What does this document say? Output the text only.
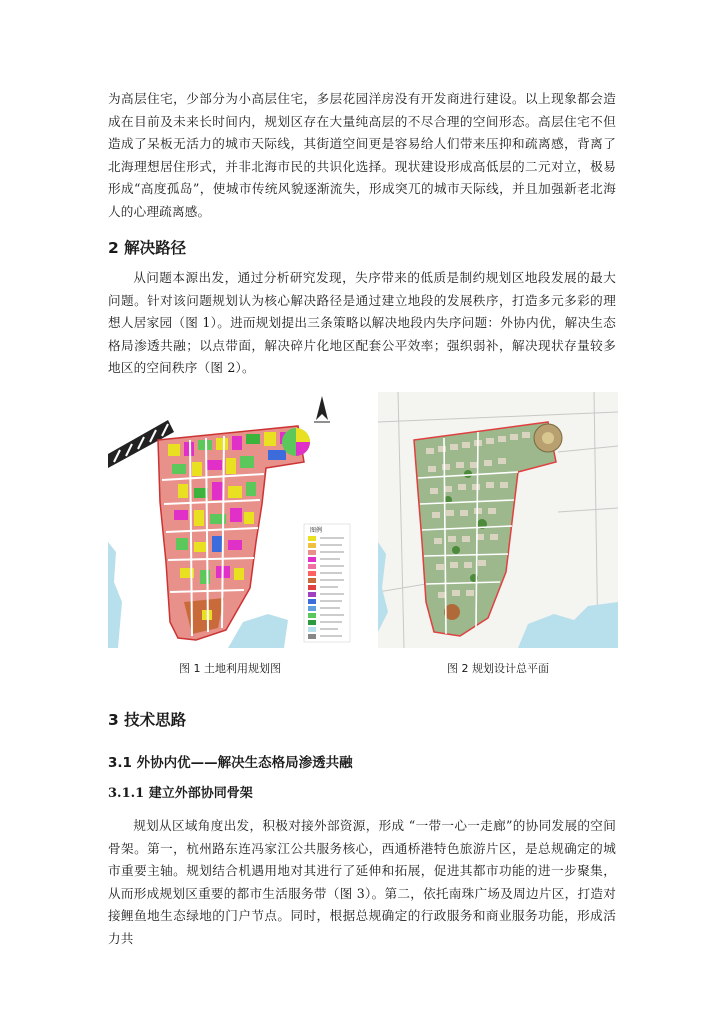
为高层住宅，少部分为小高层住宅，多层花园洋房没有开发商进行建设。以上现象都会造成在目前及未来长时间内，规划区存在大量纯高层的不尽合理的空间形态。高层住宅不但造成了呆板无活力的城市天际线，其街道空间更是容易给人们带来压抑和疏离感，背离了北海理想居住形式，并非北海市民的共识化选择。现状建设形成高低层的二元对立，极易形成“高度孤岛”，使城市传统风貌逐渐流失，形成突兀的城市天际线，并且加强新老北海人的心理疏离感。

2 解决路径

从问题本源出发，通过分析研究发现，失序带来的低质是制约规划区地段发展的最大问题。针对该问题规划认为核心解决路径是通过建立地段的发展秩序，打造多元多彩的理想人居家园（图 1）。进而规划提出三条策略以解决地段内失序问题：外协内优，解决生态格局渗透共融；以点带面，解决碎片化地区配套公平效率；强织弱补，解决现状存量较多地区的空间秩序（图 2）。

图例

图 1 土地利用规划图	图 2 规划设计总平面

3 技术思路
3.1 外协内优——解决生态格局渗透共融
3.1.1 建立外部协同骨架

规划从区域角度出发，积极对接外部资源，形成 “一带一心一走廊”的协同发展的空间骨架。第一，杭州路东连冯家江公共服务核心，西通桥港特色旅游片区，是总规确定的城市重要主轴。规划结合机遇用地对其进行了延伸和拓展，促进其都市功能的进一步聚集，从而形成规划区重要的都市生活服务带（图 3）。第二，依托南珠广场及周边片区，打造对接鲤鱼地生态绿地的门户节点。同时，根据总规确定的行政服务和商业服务功能，形成活力共
